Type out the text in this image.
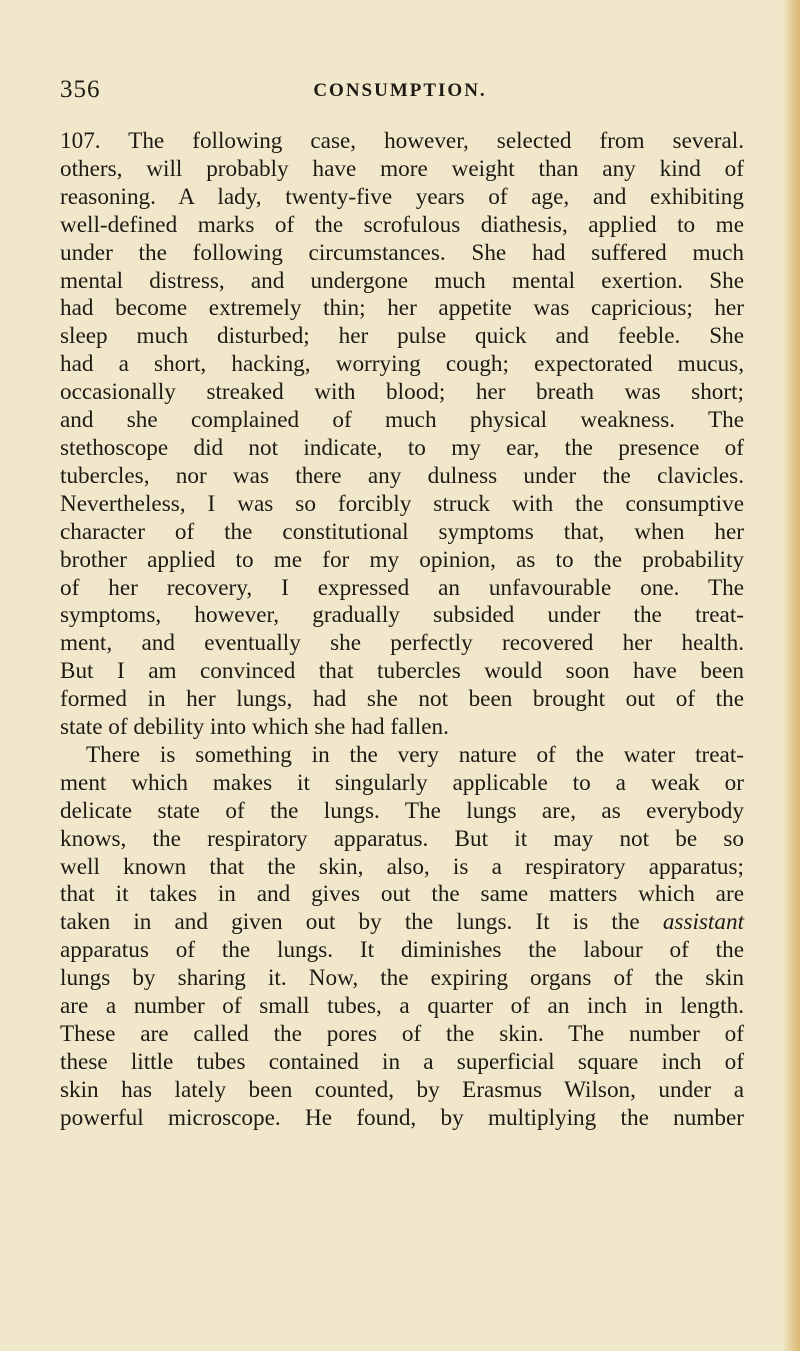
356	CONSUMPTION.
107. The following case, however, selected from several.
others, will probably have more weight than any kind of
reasoning. A lady, twenty-five years of age, and exhibiting
well-defined marks of the scrofulous diathesis, applied to me
under the following circumstances. She had suffered much
mental distress, and undergone much mental exertion. She
had become extremely thin; her appetite was capricious; her
sleep much disturbed; her pulse quick and feeble. She
had a short, hacking, worrying cough; expectorated mucus,
occasionally streaked with blood; her breath was short;
and she complained of much physical weakness. The
stethoscope did not indicate, to my ear, the presence of
tubercles, nor was there any dulness under the clavicles.
Nevertheless, I was so forcibly struck with the consumptive
character of the constitutional symptoms that, when her
brother applied to me for my opinion, as to the probability
of her recovery, I expressed an unfavourable one. The
symptoms, however, gradually subsided under the treat-
ment, and eventually she perfectly recovered her health.
But I am convinced that tubercles would soon have been
formed in her lungs, had she not been brought out of the
state of debility into which she had fallen.
There is something in the very nature of the water treat-
ment which makes it singularly applicable to a weak or
delicate state of the lungs. The lungs are, as everybody
knows, the respiratory apparatus. But it may not be so
well known that the skin, also, is a respiratory apparatus;
that it takes in and gives out the same matters which are
taken in and given out by the lungs. It is the assistant
apparatus of the lungs. It diminishes the labour of the
lungs by sharing it. Now, the expiring organs of the skin
are a number of small tubes, a quarter of an inch in length.
These are called the pores of the skin. The number of
these little tubes contained in a superficial square inch of
skin has lately been counted, by Erasmus Wilson, under a
powerful microscope. He found, by multiplying the number
